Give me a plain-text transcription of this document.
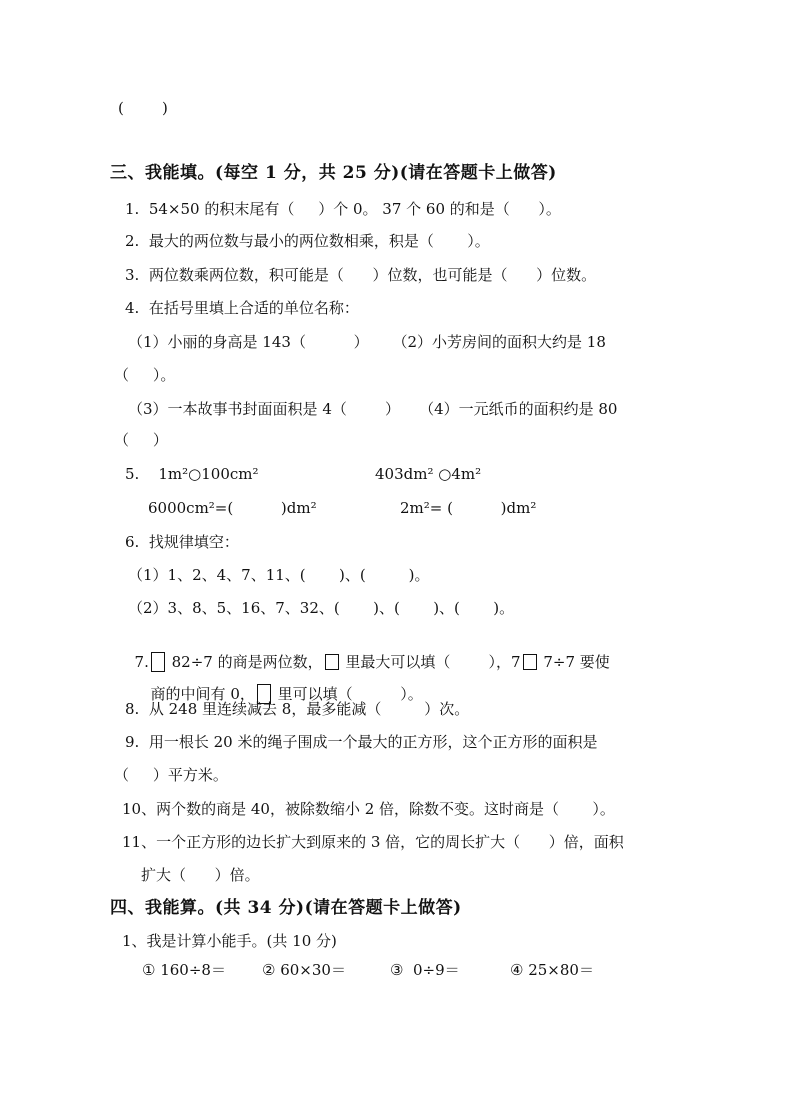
(        )
三、我能填。(每空 1 分，共 25 分)(请在答题卡上做答)
1.  54×50 的积末尾有（     ）个 0。 37 个 60 的和是（      ）。
2.  最大的两位数与最小的两位数相乘，积是（       ）。
3.  两位数乘两位数，积可能是（      ）位数，也可能是（      ）位数。
4.  在括号里填上合适的单位名称：
（1）小丽的身高是 143（          ）     （2）小芳房间的面积大约是 18
（     ）。
（3）一本故事书封面面积是 4（        ）    （4）一元纸币的面积约是 80
（     ）
5.    1m²○100cm²	403dm² ○4m²
6000cm²=(          )dm²	2m²= (          )dm²
6.  找规律填空：
（1）1、2、4、7、11、(       )、(         )。
（2）3、8、5、16、7、32、(       )、(       )、(       )。

7. 82÷7 的商是两位数， 里最大可以填（        ），7 7÷7 要使

商的中间有 0， 里可以填（          ）。

8.  从 248 里连续减去 8，最多能减（         ）次。
9.  用一根长 20 米的绳子围成一个最大的正方形，这个正方形的面积是
（     ）平方米。
10、两个数的商是 40，被除数缩小 2 倍，除数不变。这时商是（       ）。
11、一个正方形的边长扩大到原来的 3 倍，它的周长扩大（      ）倍，面积
扩大（      ）倍。
四、我能算。(共 34 分)(请在答题卡上做答)
1、我是计算小能手。(共 10 分)
① 160÷8＝ ② 60×30＝	③  0÷9＝	④ 25×80＝
